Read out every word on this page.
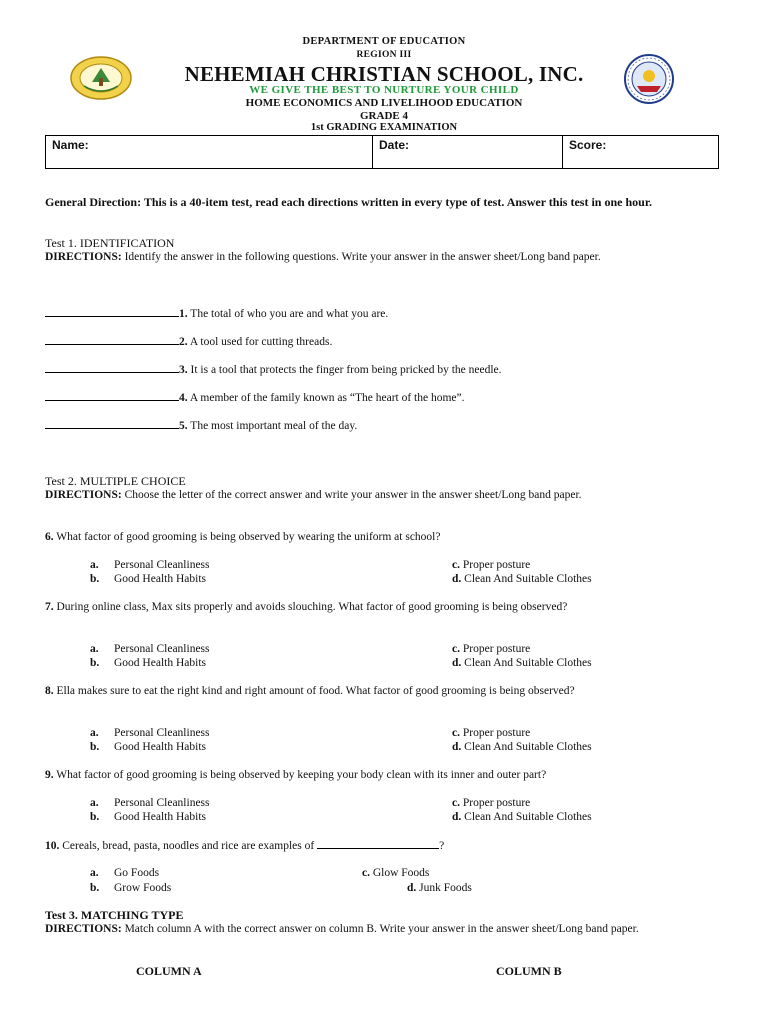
DEPARTMENT OF EDUCATION
REGION III
NEHEMIAH CHRISTIAN SCHOOL, INC.
WE GIVE THE BEST TO NURTURE YOUR CHILD
HOME ECONOMICS AND LIVELIHOOD EDUCATION
GRADE 4
1st GRADING EXAMINATION
Name:	Date:	Score:
General Direction: This is a 40-item test, read each directions written in every type of test. Answer this test in one hour.
Test 1. IDENTIFICATION
DIRECTIONS: Identify the answer in the following questions. Write your answer in the answer sheet/Long band paper.
1. The total of who you are and what you are.
2. A tool used for cutting threads.
3. It is a tool that protects the finger from being pricked by the needle.
4. A member of the family known as “The heart of the home”.
5. The most important meal of the day.
Test 2. MULTIPLE CHOICE
DIRECTIONS: Choose the letter of the correct answer and write your answer in the answer sheet/Long band paper.
6. What factor of good grooming is being observed by wearing the uniform at school?
a. Personal Cleanliness
b. Good Health Habits
c. Proper posture
d. Clean And Suitable Clothes
7. During online class, Max sits properly and avoids slouching. What factor of good grooming is being observed?
a. Personal Cleanliness
b. Good Health Habits
c. Proper posture
d. Clean And Suitable Clothes
8. Ella makes sure to eat the right kind and right amount of food. What factor of good grooming is being observed?
a. Personal Cleanliness
b. Good Health Habits
c. Proper posture
d. Clean And Suitable Clothes
9. What factor of good grooming is being observed by keeping your body clean with its inner and outer part?
a. Personal Cleanliness
b. Good Health Habits
c. Proper posture
d. Clean And Suitable Clothes
10. Cereals, bread, pasta, noodles and rice are examples of	?
a. Go Foods
b. Grow Foods
c. Glow Foods
d. Junk Foods
Test 3. MATCHING TYPE
DIRECTIONS: Match column A with the correct answer on column B. Write your answer in the answer sheet/Long band paper.
COLUMN A	COLUMN B
